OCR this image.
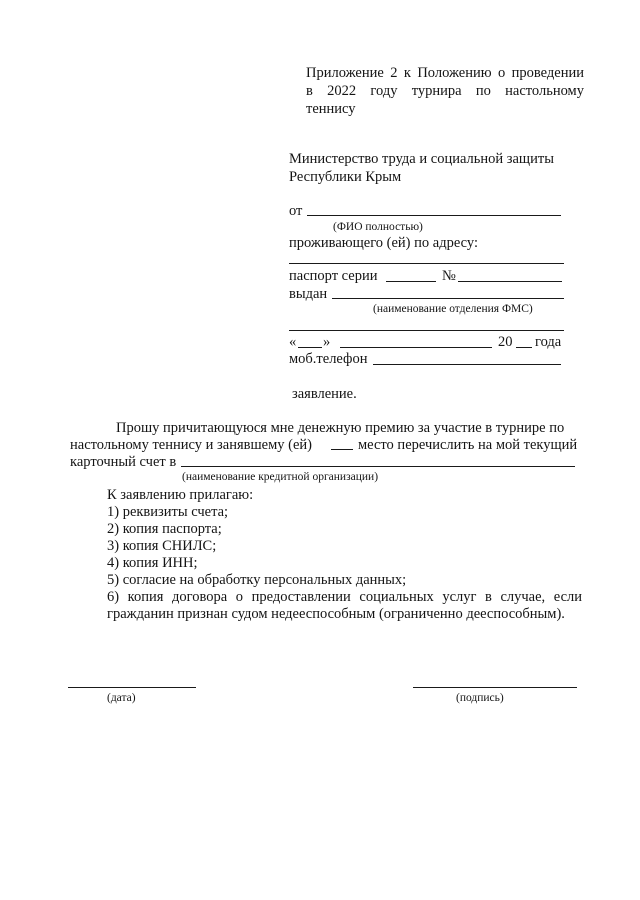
Приложение 2 к Положению о проведении
в 2022 году турнира по настольному
теннису
Министерство труда и социальной защиты
Республики Крым
от
(ФИО полностью)
проживающего (ей) по адресу:
паспорт серии	№
выдан
(наименование отделения ФМС)
« »	20 года
моб.телефон
заявление.
Прошу причитающуюся мне денежную премию за участие в турнире по
настольному теннису и занявшему (ей)	место перечислить на мой текущий
карточный счет в
(наименование кредитной организации)
К заявлению прилагаю:
1) реквизиты счета;
2) копия паспорта;
3) копия СНИЛС;
4) копия ИНН;
5) согласие на обработку персональных данных;
6) копия договора о предоставлении социальных услуг в случае, если
гражданин признан судом недееспособным (ограниченно дееспособным).
(дата)	(подпись)
